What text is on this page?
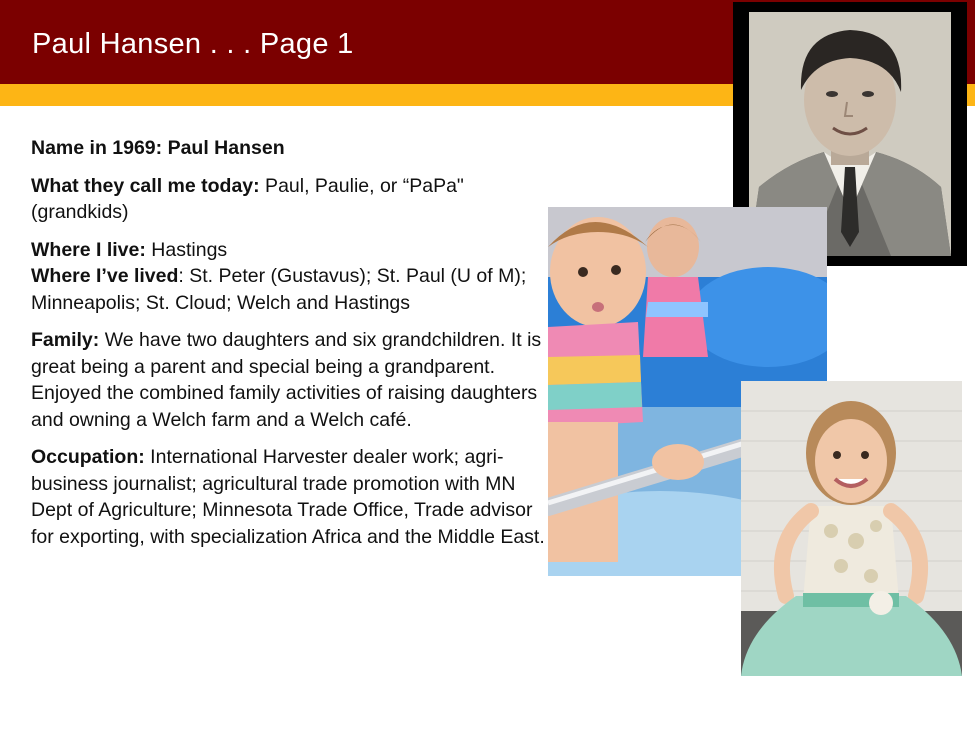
Paul Hansen . . . Page 1

Name in 1969: Paul Hansen

What they call me today: Paul, Paulie, or “PaPa" (grandkids)

Where I live: Hastings
Where I’ve lived: St. Peter (Gustavus); St. Paul (U of M); Minneapolis; St. Cloud; Welch and Hastings

Family: We have two daughters and six grandchildren. It is great being a parent and special being a grandparent. Enjoyed the combined family activities of raising daughters and owning a Welch farm and a Welch café.

Occupation: International Harvester dealer work; agri-business journalist; agricultural trade promotion with MN Dept of Agriculture; Minnesota Trade Office, Trade advisor for exporting, with specialization Africa and the Middle East.
